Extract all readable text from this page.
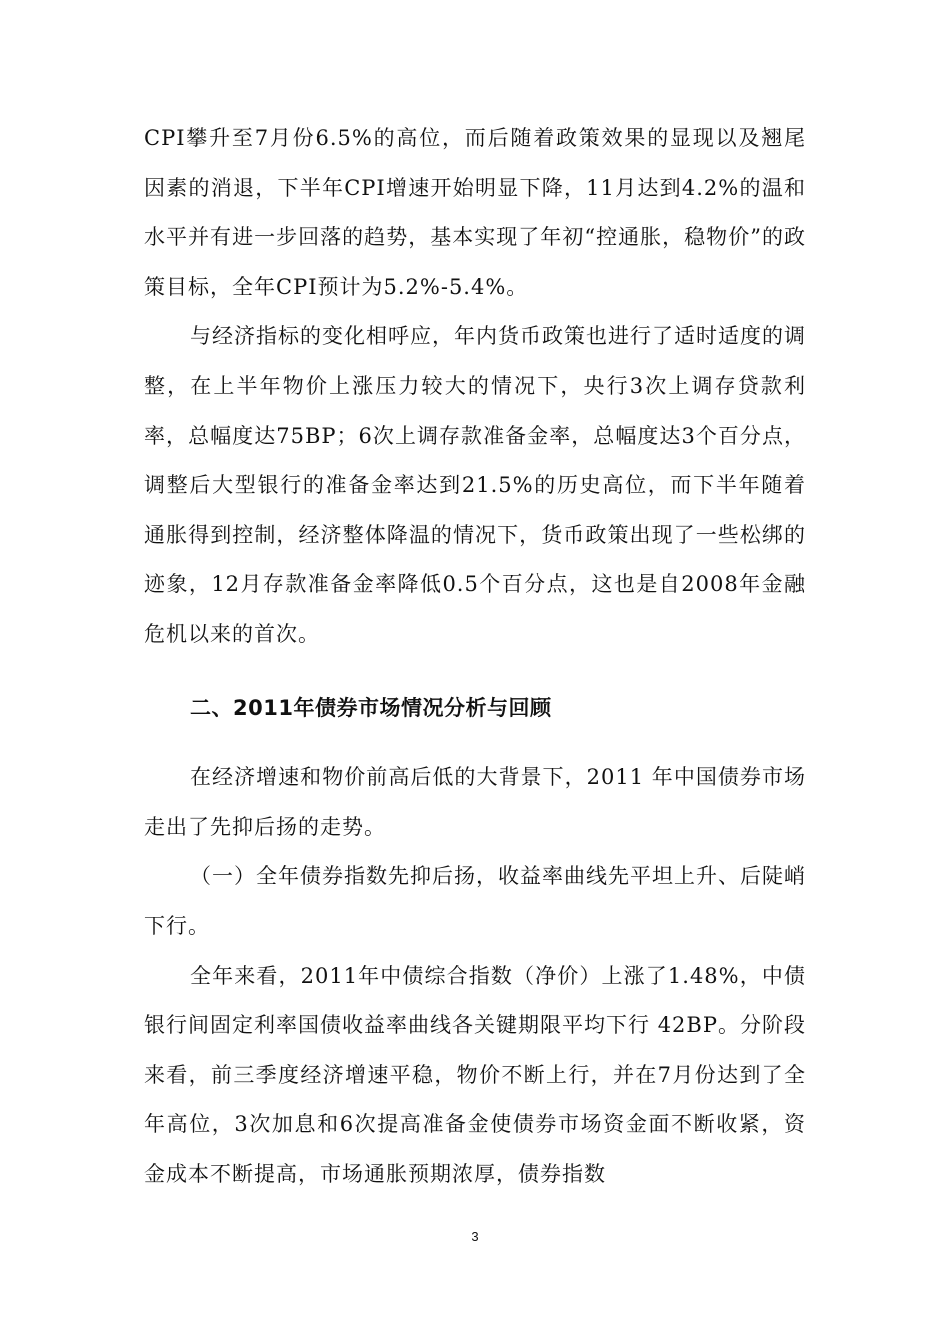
CPI攀升至7月份6.5%的高位，而后随着政策效果的显现以及翘尾因素的消退，下半年CPI增速开始明显下降，11月达到4.2%的温和水平并有进一步回落的趋势，基本实现了年初“控通胀，稳物价”的政策目标，全年CPI预计为5.2%-5.4%。

与经济指标的变化相呼应，年内货币政策也进行了适时适度的调整，在上半年物价上涨压力较大的情况下，央行3次上调存贷款利率，总幅度达75BP；6次上调存款准备金率，总幅度达3个百分点，调整后大型银行的准备金率达到21.5%的历史高位，而下半年随着通胀得到控制，经济整体降温的情况下，货币政策出现了一些松绑的迹象，12月存款准备金率降低0.5个百分点，这也是自2008年金融危机以来的首次。

二、2011年债券市场情况分析与回顾

在经济增速和物价前高后低的大背景下，2011 年中国债券市场走出了先抑后扬的走势。

（一）全年债券指数先抑后扬，收益率曲线先平坦上升、后陡峭下行。

全年来看，2011年中债综合指数（净价）上涨了1.48%，中债银行间固定利率国债收益率曲线各关键期限平均下行 42BP。分阶段来看，前三季度经济增速平稳，物价不断上行，并在7月份达到了全年高位，3次加息和6次提高准备金使债券市场资金面不断收紧，资金成本不断提高，市场通胀预期浓厚，债券指数

3
